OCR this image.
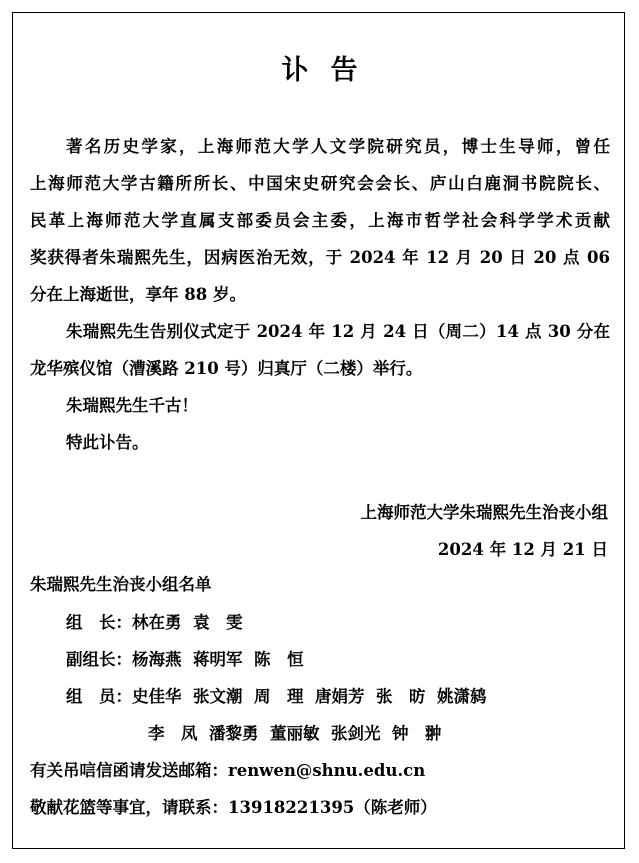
讣告
著名历史学家，上海师范大学人文学院研究员，博士生导师，曾任
上海师范大学古籍所所长、中国宋史研究会会长、庐山白鹿洞书院院长、
民革上海师范大学直属支部委员会主委，上海市哲学社会科学学术贡献
奖获得者朱瑞熙先生，因病医治无效，于 2024 年 12 月 20 日 20 点 06
分在上海逝世，享年 88 岁。
朱瑞熙先生告别仪式定于 2024 年 12 月 24 日（周二）14 点 30 分在
龙华殡仪馆（漕溪路 210 号）归真厅（二楼）举行。
朱瑞熙先生千古！
特此讣告。
上海师范大学朱瑞熙先生治丧小组
2024 年 12 月 21 日
朱瑞熙先生治丧小组名单
组　长：林在勇  袁　雯
副组长：杨海燕  蒋明军  陈　恒
组　员：史佳华  张文潮  周　理  唐娟芳  张　昉  姚潇鸫
李　凤  潘黎勇  董丽敏  张剑光  钟　翀
有关吊唁信函请发送邮箱：renwen@shnu.edu.cn
敬献花篮等事宜，请联系：13918221395（陈老师）
